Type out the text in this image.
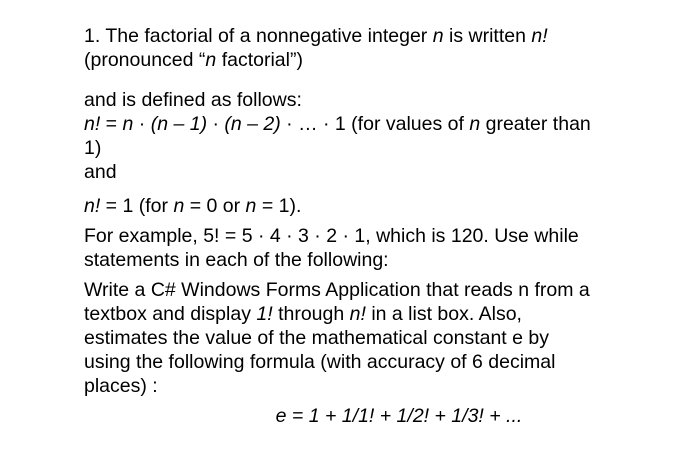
1. The factorial of a nonnegative integer n is written n!

(pronounced “n factorial”)

and is defined as follows:

n! = n · (n – 1) · (n – 2) · … · 1 (for values of n greater than

1)

and

n! = 1 (for n = 0 or n = 1).

For example, 5! = 5 · 4 · 3 · 2 · 1, which is 120. Use while

statements in each of the following:

Write a C# Windows Forms Application that reads n from a

textbox and display 1! through n! in a list box. Also,

estimates the value of the mathematical constant e by

using the following formula (with accuracy of 6 decimal

places) :

e = 1 + 1/1! + 1/2! + 1/3! + ...
